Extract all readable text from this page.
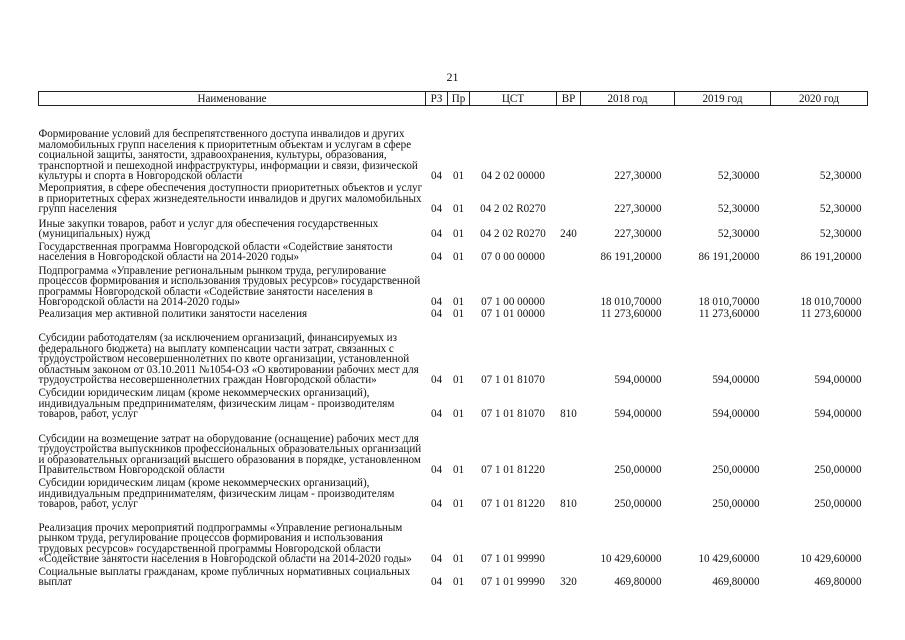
21
Наименование	РЗ	Пр	ЦСТ	ВР	2018 год	2019 год	2020 год
Формирование условий для беспрепятственного доступа инвалидов и других маломобильных групп населения к приоритетным объектам и услугам в сфере социальной защиты, занятости, здравоохранения, культуры, образования, транспортной и пешеходной инфраструктуры, информации и связи, физической культуры и спорта в Новгородской области	04	01	04 2 02 00000		227,30000	52,30000	52,30000
Мероприятия, в сфере обеспечения доступности приоритетных объектов и услуг в приоритетных сферах жизнедеятельности инвалидов и других маломобильных групп населения	04	01	04 2 02 R0270		227,30000	52,30000	52,30000
Иные закупки товаров, работ и услуг для обеспечения государственных (муниципальных) нужд	04	01	04 2 02 R0270	240	227,30000	52,30000	52,30000
Государственная программа Новгородской области «Содействие занятости населения в Новгородской области на 2014-2020 годы»	04	01	07 0 00 00000		86 191,20000	86 191,20000	86 191,20000
Подпрограмма «Управление региональным рынком труда, регулирование процессов формирования и использования трудовых ресурсов» государственной программы Новгородской области «Содействие занятости населения в Новгородской области на 2014-2020 годы»	04	01	07 1 00 00000		18 010,70000	18 010,70000	18 010,70000
Реализация мер активной политики занятости населения	04	01	07 1 01 00000		11 273,60000	11 273,60000	11 273,60000
Субсидии работодателям (за исключением организаций, финансируемых из федерального бюджета) на выплату компенсации части затрат, связанных с трудоустройством несовершеннолетних по квоте организации, установленной областным законом от 03.10.2011 №1054-ОЗ «О квотировании рабочих мест для трудоустройства несовершеннолетних граждан Новгородской области»	04	01	07 1 01 81070		594,00000	594,00000	594,00000
Субсидии юридическим лицам (кроме некоммерческих организаций), индивидуальным предпринимателям, физическим лицам - производителям товаров, работ, услуг	04	01	07 1 01 81070	810	594,00000	594,00000	594,00000
Субсидии на возмещение затрат на оборудование (оснащение) рабочих мест для трудоустройства выпускников профессиональных образовательных организаций и образовательных организаций высшего образования в порядке, установленном Правительством Новгородской области	04	01	07 1 01 81220		250,00000	250,00000	250,00000
Субсидии юридическим лицам (кроме некоммерческих организаций), индивидуальным предпринимателям, физическим лицам - производителям товаров, работ, услуг	04	01	07 1 01 81220	810	250,00000	250,00000	250,00000
Реализация прочих мероприятий подпрограммы «Управление региональным рынком труда, регулирование процессов формирования и использования трудовых ресурсов» государственной программы Новгородской области «Содействие занятости населения в Новгородской области на 2014-2020 годы»	04	01	07 1 01 99990		10 429,60000	10 429,60000	10 429,60000
Социальные выплаты гражданам, кроме публичных нормативных социальных выплат	04	01	07 1 01 99990	320	469,80000	469,80000	469,80000
